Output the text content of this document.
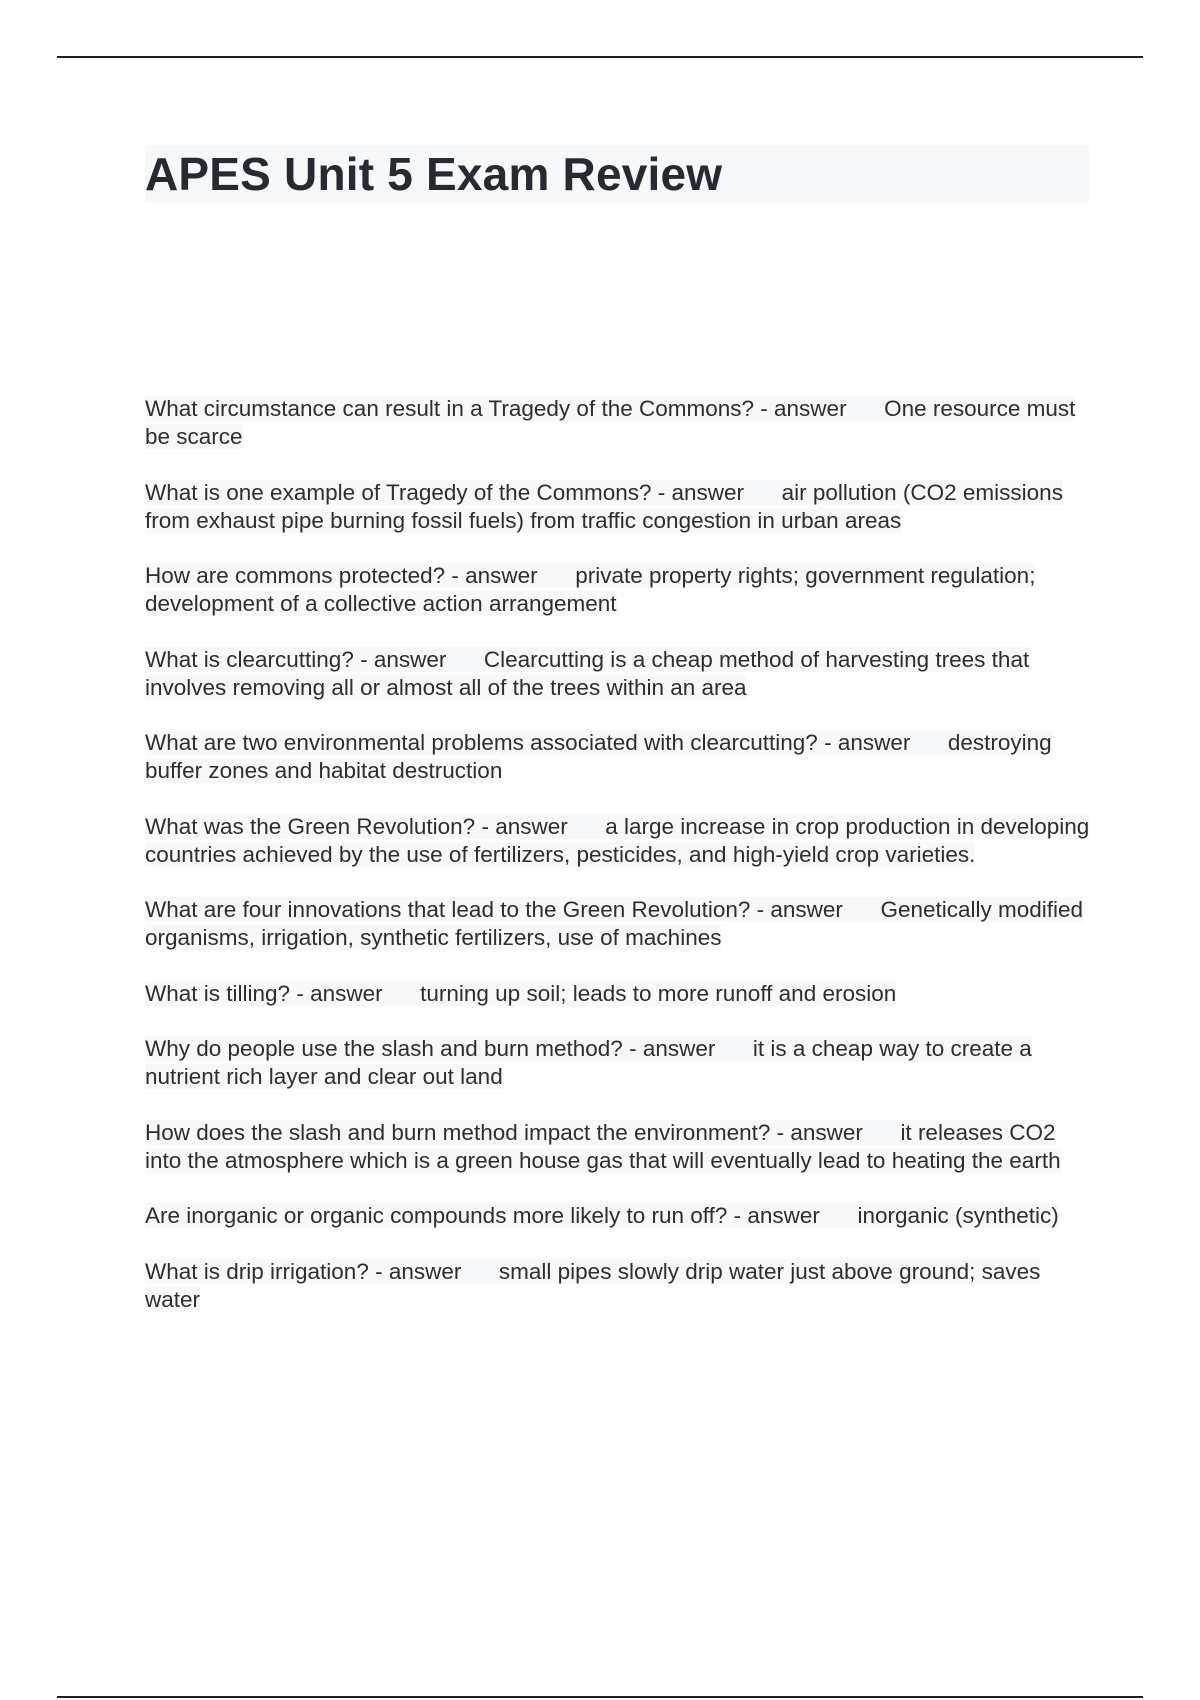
APES Unit 5 Exam Review
What circumstance can result in a Tragedy of the Commons? - answer One resource must be scarce
What is one example of Tragedy of the Commons? - answer air pollution (CO2 emissions from exhaust pipe burning fossil fuels) from traffic congestion in urban areas
How are commons protected? - answer private property rights; government regulation; development of a collective action arrangement
What is clearcutting? - answer Clearcutting is a cheap method of harvesting trees that involves removing all or almost all of the trees within an area
What are two environmental problems associated with clearcutting? - answer destroying buffer zones and habitat destruction
What was the Green Revolution? - answer a large increase in crop production in developing countries achieved by the use of fertilizers, pesticides, and high-yield crop varieties.
What are four innovations that lead to the Green Revolution? - answer Genetically modified organisms, irrigation, synthetic fertilizers, use of machines
What is tilling? - answer turning up soil; leads to more runoff and erosion
Why do people use the slash and burn method? - answer it is a cheap way to create a nutrient rich layer and clear out land
How does the slash and burn method impact the environment? - answer it releases CO2 into the atmosphere which is a green house gas that will eventually lead to heating the earth
Are inorganic or organic compounds more likely to run off? - answer inorganic (synthetic)
What is drip irrigation? - answer small pipes slowly drip water just above ground; saves water
